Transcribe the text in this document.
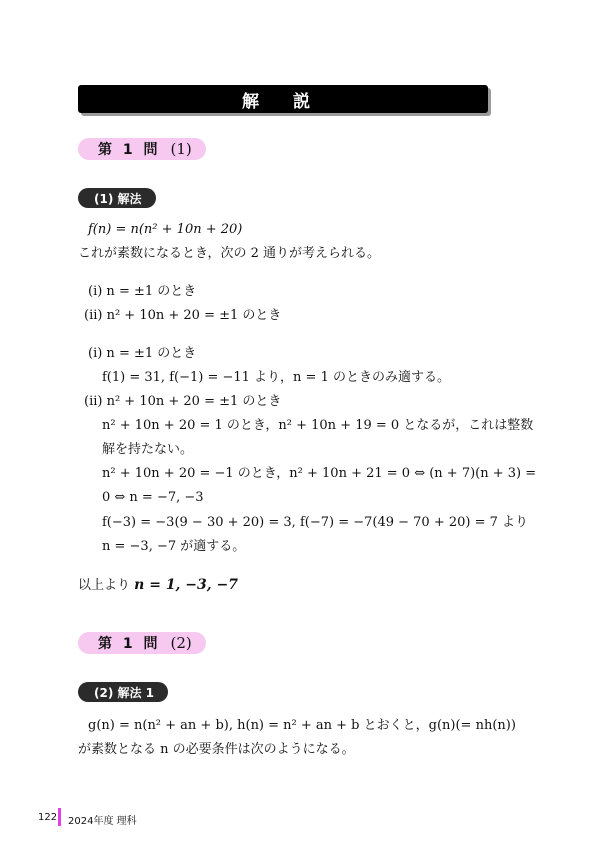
解 説
第 1 問 (1)
(1) 解法
f(n) = n(n² + 10n + 20)
これが素数になるとき，次の 2 通りが考えられる。
(i) n = ±1 のとき
(ii) n² + 10n + 20 = ±1 のとき
(i) n = ±1 のとき
f(1) = 31, f(−1) = −11 より，n = 1 のときのみ適する。
(ii) n² + 10n + 20 = ±1 のとき
n² + 10n + 20 = 1 のとき，n² + 10n + 19 = 0 となるが，これは整数
解を持たない。
n² + 10n + 20 = −1 のとき，n² + 10n + 21 = 0 ⇔ (n + 7)(n + 3) =
0 ⇔ n = −7, −3
f(−3) = −3(9 − 30 + 20) = 3, f(−7) = −7(49 − 70 + 20) = 7 より
n = −3, −7 が適する。
以上より n = 1, −3, −7
第 1 問 (2)
(2) 解法 1
g(n) = n(n² + an + b), h(n) = n² + an + b とおくと，g(n)(= nh(n))
が素数となる n の必要条件は次のようになる。
122 2024年度 理科
